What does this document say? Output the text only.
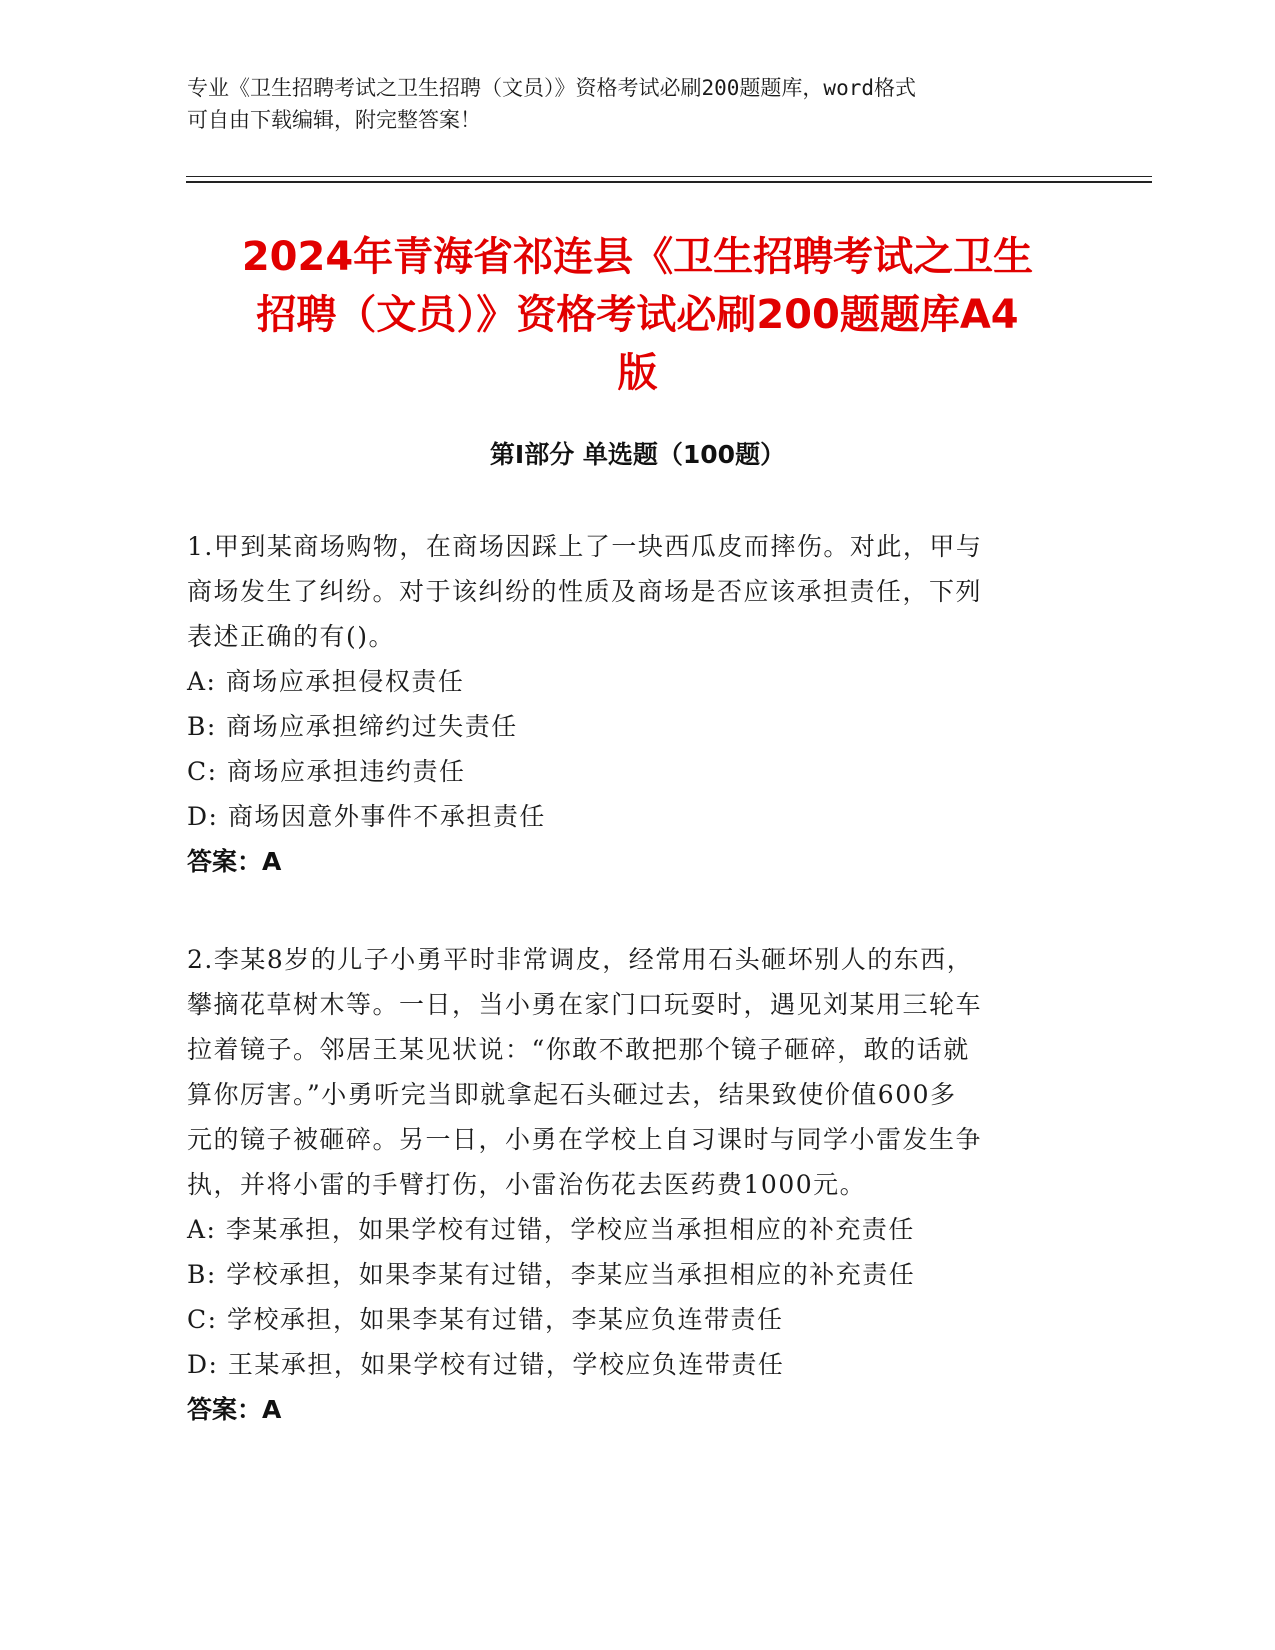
专业《卫生招聘考试之卫生招聘（文员）》资格考试必刷200题题库，word格式
可自由下载编辑，附完整答案！
2024年青海省祁连县《卫生招聘考试之卫生
招聘（文员）》资格考试必刷200题题库A4
版
第Ⅰ部分 单选题（100题）
1.甲到某商场购物，在商场因踩上了一块西瓜皮而摔伤。对此，甲与
商场发生了纠纷。对于该纠纷的性质及商场是否应该承担责任，下列
表述正确的有()。
A: 商场应承担侵权责任
B: 商场应承担缔约过失责任
C: 商场应承担违约责任
D: 商场因意外事件不承担责任
答案：A
2.李某8岁的儿子小勇平时非常调皮，经常用石头砸坏别人的东西，
攀摘花草树木等。一日，当小勇在家门口玩耍时，遇见刘某用三轮车
拉着镜子。邻居王某见状说：“你敢不敢把那个镜子砸碎，敢的话就
算你厉害。”小勇听完当即就拿起石头砸过去，结果致使价值600多
元的镜子被砸碎。另一日，小勇在学校上自习课时与同学小雷发生争
执，并将小雷的手臂打伤，小雷治伤花去医药费1000元。
A: 李某承担，如果学校有过错，学校应当承担相应的补充责任
B: 学校承担，如果李某有过错，李某应当承担相应的补充责任
C: 学校承担，如果李某有过错，李某应负连带责任
D: 王某承担，如果学校有过错，学校应负连带责任
答案：A
